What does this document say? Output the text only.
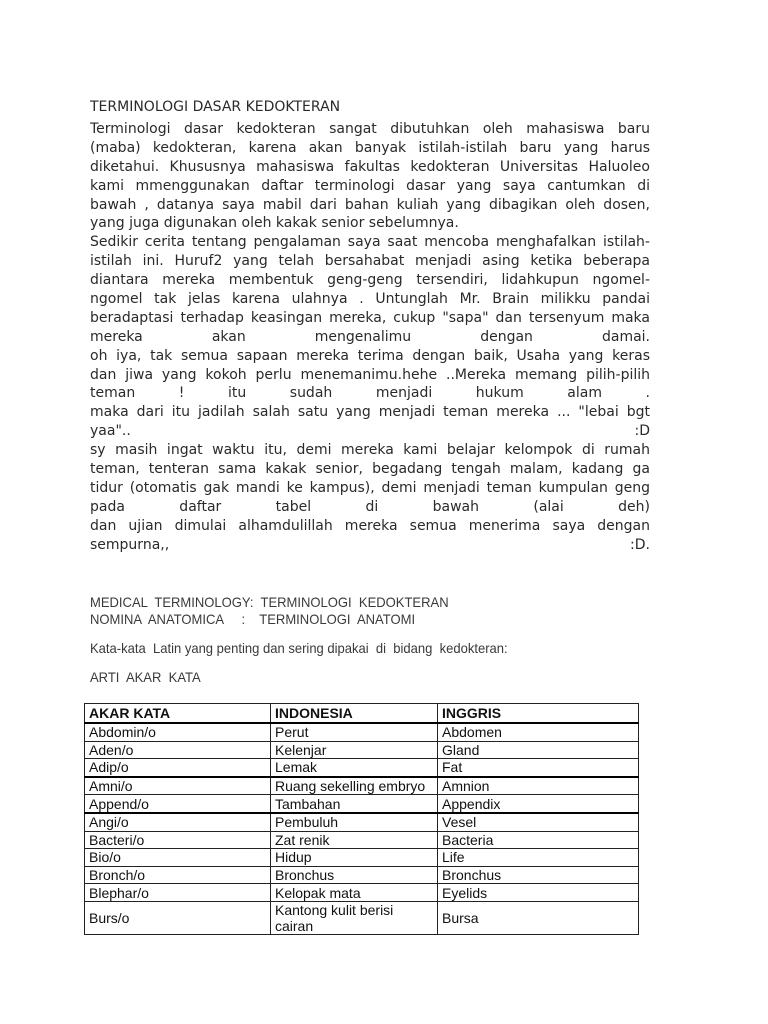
TERMINOLOGI DASAR KEDOKTERAN
Terminologi dasar kedokteran sangat dibutuhkan oleh mahasiswa baru
(maba) kedokteran, karena akan banyak istilah-istilah baru yang harus
diketahui. Khususnya mahasiswa fakultas kedokteran Universitas Haluoleo
kami mmenggunakan daftar terminologi dasar yang saya cantumkan di
bawah , datanya saya mabil dari bahan kuliah yang dibagikan oleh dosen,
yang juga digunakan oleh kakak senior sebelumnya.
Sedikir cerita tentang pengalaman saya saat mencoba menghafalkan istilah-
istilah ini. Huruf2 yang telah bersahabat menjadi asing ketika beberapa
diantara mereka membentuk geng-geng tersendiri, lidahkupun ngomel-
ngomel tak jelas karena ulahnya . Untunglah Mr. Brain milikku pandai
beradaptasi terhadap keasingan mereka, cukup "sapa" dan tersenyum maka
mereka akan mengenalimu dengan damai.
oh iya, tak semua sapaan mereka terima dengan baik, Usaha yang keras
dan jiwa yang kokoh perlu menemanimu.hehe ..Mereka memang pilih-pilih
teman ! itu sudah menjadi hukum alam .
maka dari itu jadilah salah satu yang menjadi teman mereka ... "lebai bgt
yaa".. :D
sy masih ingat waktu itu, demi mereka kami belajar kelompok di rumah
teman, tenteran sama kakak senior, begadang tengah malam, kadang ga
tidur (otomatis gak mandi ke kampus), demi menjadi teman kumpulan geng
pada daftar tabel di bawah (alai deh)
dan ujian dimulai alhamdulillah mereka semua menerima saya dengan
sempurna,, :D.
MEDICAL  TERMINOLOGY:  TERMINOLOGI  KEDOKTERAN
NOMINA  ANATOMICA     :    TERMINOLOGI  ANATOMI
Kata-kata  Latin yang penting dan sering dipakai  di  bidang  kedokteran:
ARTI  AKAR  KATA
AKAR KATA	INDONESIA	INGGRIS
Abdomin/o	Perut	Abdomen
Aden/o	Kelenjar	Gland
Adip/o	Lemak	Fat
Amni/o	Ruang sekelling embryo	Amnion
Append/o	Tambahan	Appendix
Angi/o	Pembuluh	Vesel
Bacteri/o	Zat renik	Bacteria
Bio/o	Hidup	Life
Bronch/o	Bronchus	Bronchus
Blephar/o	Kelopak mata	Eyelids
Burs/o	Kantong kulit berisi cairan	Bursa
